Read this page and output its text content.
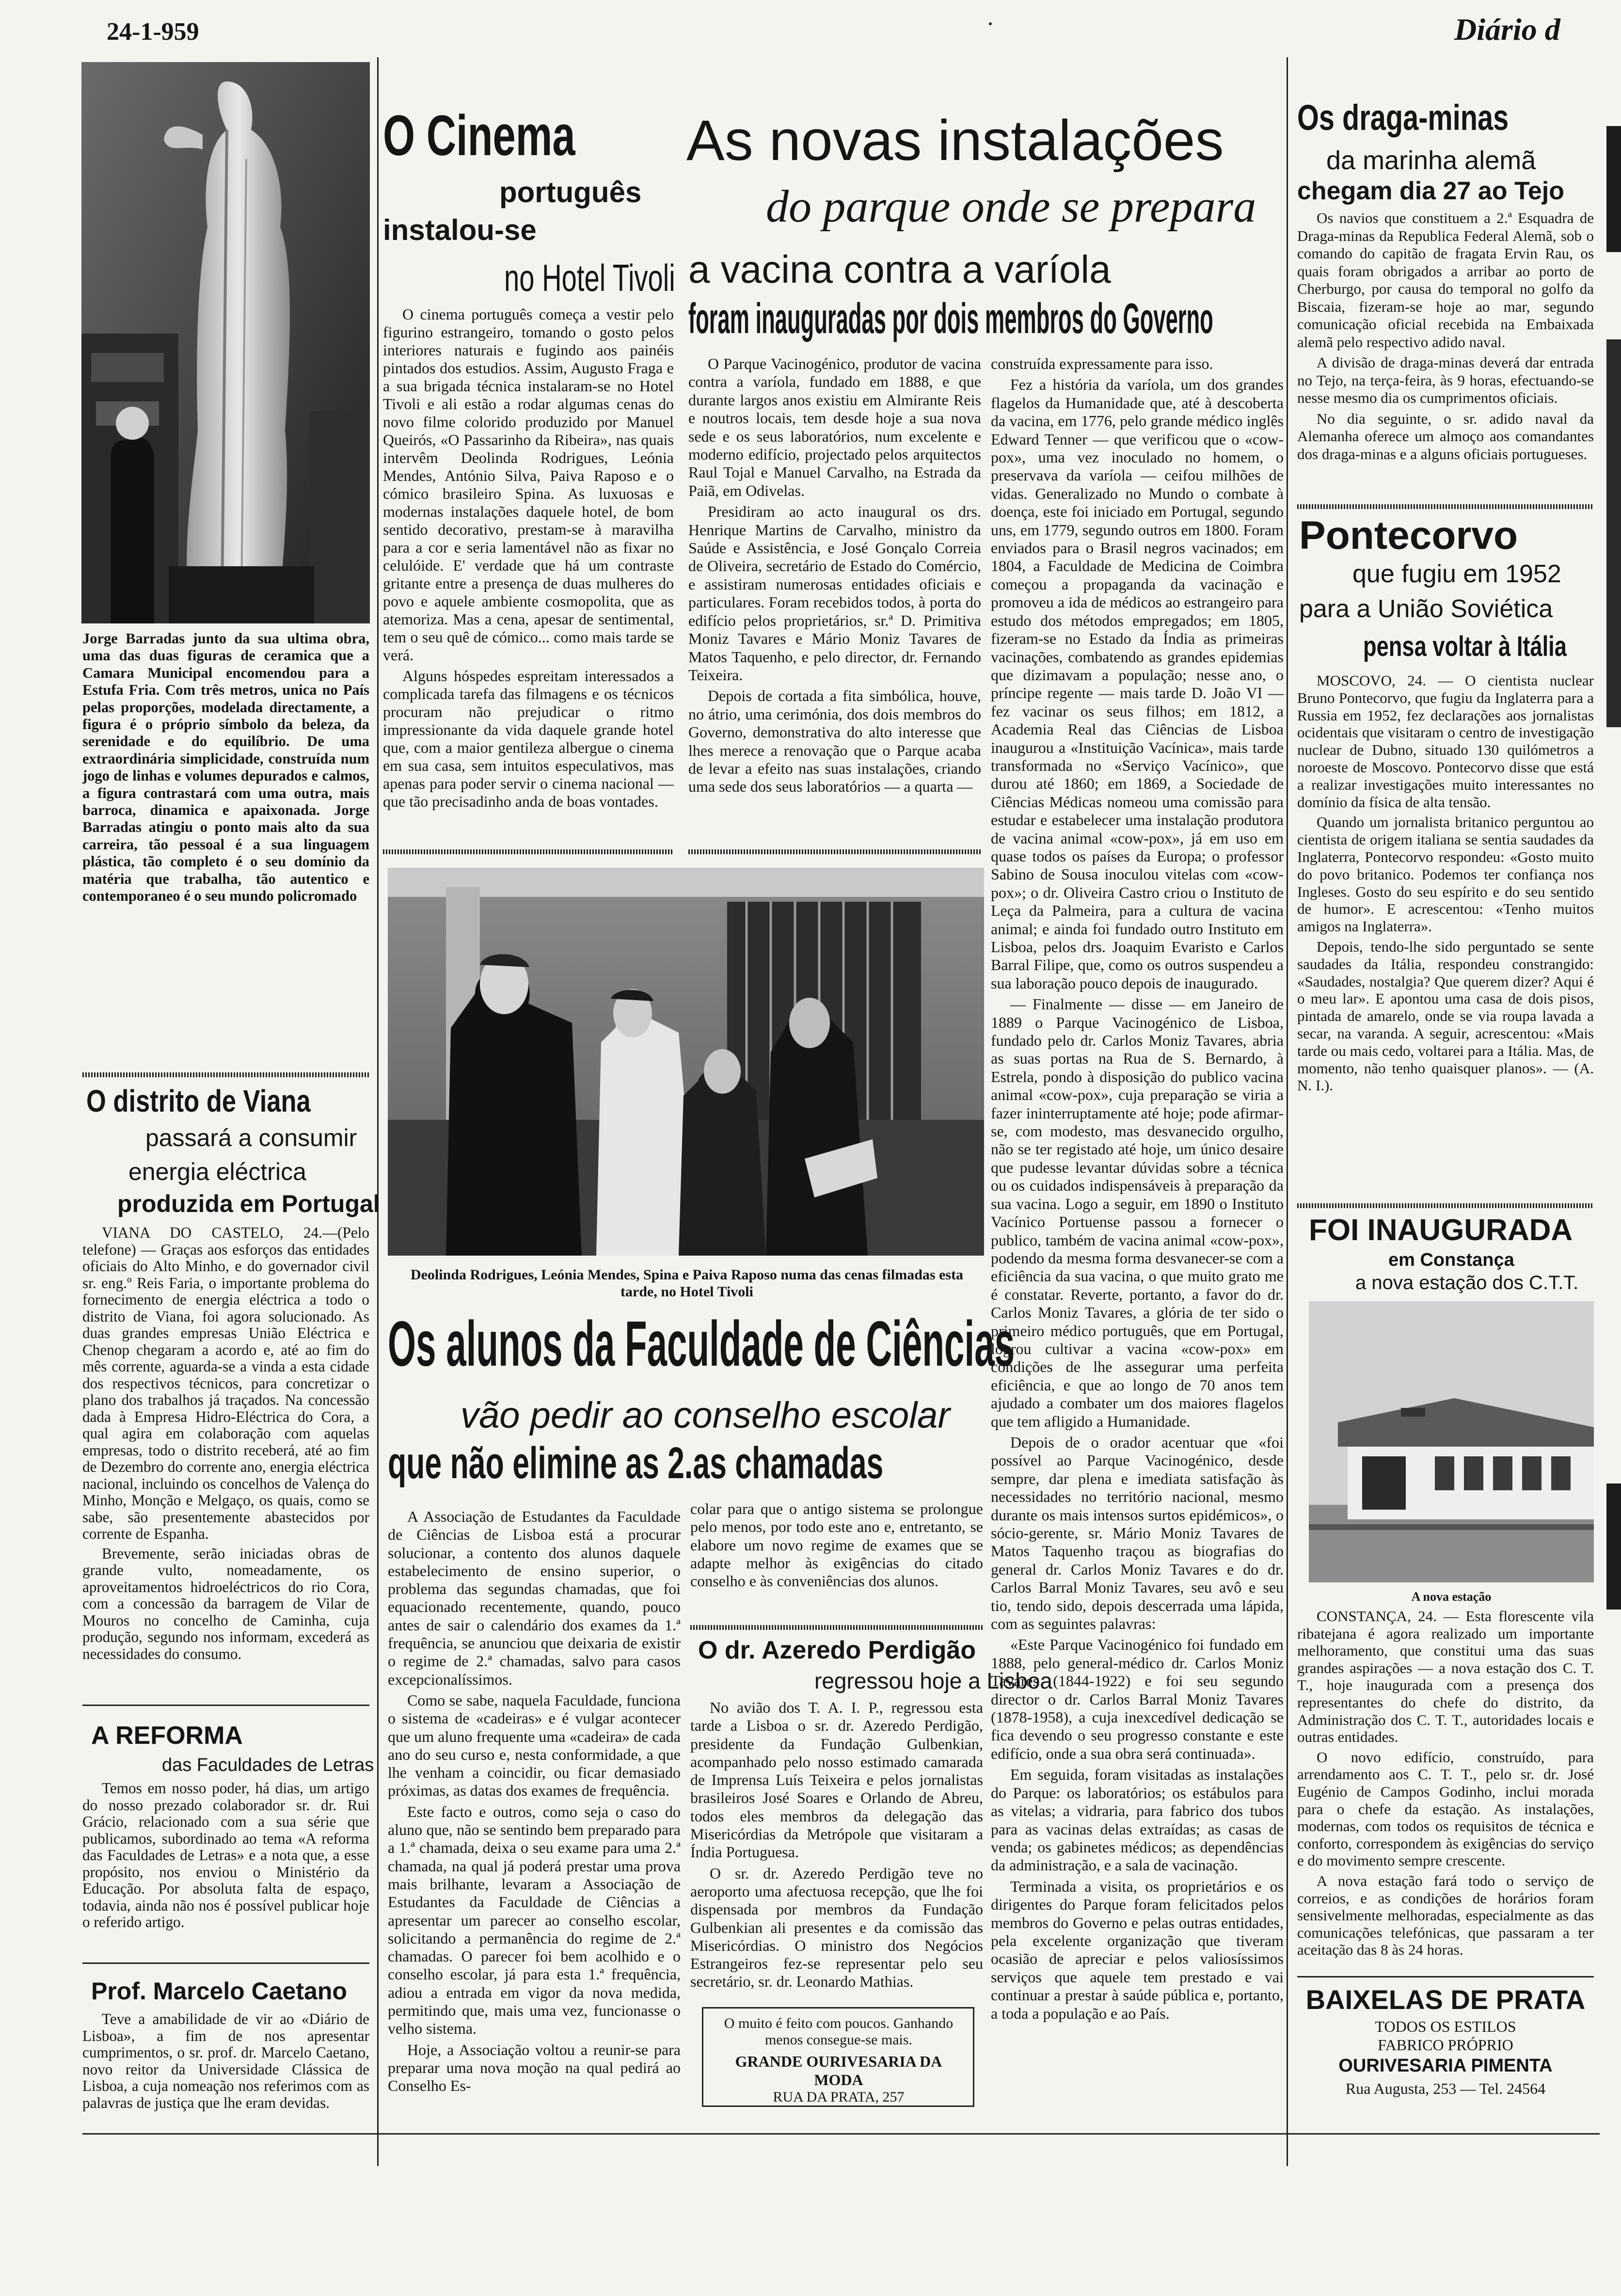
24-1-959	Diário d
Jorge Barradas junto da sua ultima obra, uma das duas figuras de ceramica que a Camara Municipal encomendou para a Estufa Fria. Com três metros, unica no País pelas proporções, modelada directamente, a figura é o próprio símbolo da beleza, da serenidade e do equilíbrio. De uma extraordinária simplicidade, construída num jogo de linhas e volumes depurados e calmos, a figura contrastará com uma outra, mais barroca, dinamica e apaixonada. Jorge Barradas atingiu o ponto mais alto da sua carreira, tão pessoal é a sua linguagem plástica, tão completo é o seu domínio da matéria que trabalha, tão autentico e contemporaneo é o seu mundo policromado
O distrito de Viana
passará a consumir
energia eléctrica
produzida em Portugal

VIANA DO CASTELO, 24.—(Pelo telefone) — Graças aos esforços das entidades oficiais do Alto Minho, e do governador civil sr. eng.º Reis Faria, o importante problema do fornecimento de energia eléctrica a todo o distrito de Viana, foi agora solucionado. As duas grandes empresas União Eléctrica e Chenop chegaram a acordo e, até ao fim do mês corrente, aguarda-se a vinda a esta cidade dos respectivos técnicos, para concretizar o plano dos trabalhos já traçados. Na concessão dada à Empresa Hidro-Eléctrica do Cora, a qual agira em colaboração com aquelas empresas, todo o distrito receberá, até ao fim de Dezembro do corrente ano, energia eléctrica nacional, incluindo os concelhos de Valença do Minho, Monção e Melgaço, os quais, como se sabe, são presentemente abastecidos por corrente de Espanha.

Brevemente, serão iniciadas obras de grande vulto, nomeadamente, os aproveitamentos hidroeléctricos do rio Cora, com a concessão da barragem de Vilar de Mouros no concelho de Caminha, cuja produção, segundo nos informam, excederá as necessidades do consumo.

A REFORMA
das Faculdades de Letras

Temos em nosso poder, há dias, um artigo do nosso prezado colaborador sr. dr. Rui Grácio, relacionado com a sua série que publicamos, subordinado ao tema «A reforma das Faculdades de Letras» e a nota que, a esse propósito, nos enviou o Ministério da Educação. Por absoluta falta de espaço, todavia, ainda não nos é possível publicar hoje o referido artigo.

Prof. Marcelo Caetano

Teve a amabilidade de vir ao «Diário de Lisboa», a fim de nos apresentar cumprimentos, o sr. prof. dr. Marcelo Caetano, novo reitor da Universidade Clássica de Lisboa, a cuja nomeação nos referimos com as palavras de justiça que lhe eram devidas.

O Cinema
português
instalou-se
no Hotel Tivoli

O cinema português começa a vestir pelo figurino estrangeiro, tomando o gosto pelos interiores naturais e fugindo aos painéis pintados dos estudios. Assim, Augusto Fraga e a sua brigada técnica instalaram-se no Hotel Tivoli e ali estão a rodar algumas cenas do novo filme colorido produzido por Manuel Queirós, «O Passarinho da Ribeira», nas quais intervêm Deolinda Rodrigues, Leónia Mendes, António Silva, Paiva Raposo e o cómico brasileiro Spina. As luxuosas e modernas instalações daquele hotel, de bom sentido decorativo, prestam-se à maravilha para a cor e seria lamentável não as fixar no celulóide. E' verdade que há um contraste gritante entre a presença de duas mulheres do povo e aquele ambiente cosmopolita, que as atemoriza. Mas a cena, apesar de sentimental, tem o seu quê de cómico... como mais tarde se verá.

Alguns hóspedes espreitam interessados a complicada tarefa das filmagens e os técnicos procuram não prejudicar o ritmo impressionante da vida daquele grande hotel que, com a maior gentileza albergue o cinema em sua casa, sem intuitos especulativos, mas apenas para poder servir o cinema nacional — que tão precisadinho anda de boas vontades.

As novas instalações
do parque onde se prepara
a vacina contra a varíola
foram inauguradas por dois membros do Governo

O Parque Vacinogénico, produtor de vacina contra a varíola, fundado em 1888, e que durante largos anos existiu em Almirante Reis e noutros locais, tem desde hoje a sua nova sede e os seus laboratórios, num excelente e moderno edifício, projectado pelos arquitectos Raul Tojal e Manuel Carvalho, na Estrada da Paiã, em Odivelas.

Presidiram ao acto inaugural os drs. Henrique Martins de Carvalho, ministro da Saúde e Assistência, e José Gonçalo Correia de Oliveira, secretário de Estado do Comércio, e assistiram numerosas entidades oficiais e particulares. Foram recebidos todos, à porta do edifício pelos proprietários, sr.ª D. Primitiva Moniz Tavares e Mário Moniz Tavares de Matos Taquenho, e pelo director, dr. Fernando Teixeira.

Depois de cortada a fita simbólica, houve, no átrio, uma cerimónia, dos dois membros do Governo, demonstrativa do alto interesse que lhes merece a renovação que o Parque acaba de levar a efeito nas suas instalações, criando uma sede dos seus laboratórios — a quarta —

construída expressamente para isso.

Fez a história da varíola, um dos grandes flagelos da Humanidade que, até à descoberta da vacina, em 1776, pelo grande médico inglês Edward Tenner — que verificou que o «cow-pox», uma vez inoculado no homem, o preservava da varíola — ceifou milhões de vidas. Generalizado no Mundo o combate à doença, este foi iniciado em Portugal, segundo uns, em 1779, segundo outros em 1800. Foram enviados para o Brasil negros vacinados; em 1804, a Faculdade de Medicina de Coimbra começou a propaganda da vacinação e promoveu a ida de médicos ao estrangeiro para estudo dos métodos empregados; em 1805, fizeram-se no Estado da Índia as primeiras vacinações, combatendo as grandes epidemias que dizimavam a população; nesse ano, o príncipe regente — mais tarde D. João VI — fez vacinar os seus filhos; em 1812, a Academia Real das Ciências de Lisboa inaugurou a «Instituição Vacínica», mais tarde transformada no «Serviço Vacínico», que durou até 1860; em 1869, a Sociedade de Ciências Médicas nomeou uma comissão para estudar e estabelecer uma instalação produtora de vacina animal «cow-pox», já em uso em quase todos os países da Europa; o professor Sabino de Sousa inoculou vitelas com «cow-pox»; o dr. Oliveira Castro criou o Instituto de Leça da Palmeira, para a cultura de vacina animal; e ainda foi fundado outro Instituto em Lisboa, pelos drs. Joaquim Evaristo e Carlos Barral Filipe, que, como os outros suspendeu a sua laboração pouco depois de inaugurado.

— Finalmente — disse — em Janeiro de 1889 o Parque Vacinogénico de Lisboa, fundado pelo dr. Carlos Moniz Tavares, abria as suas portas na Rua de S. Bernardo, à Estrela, pondo à disposição do publico vacina animal «cow-pox», cuja preparação se viria a fazer ininterruptamente até hoje; pode afirmar-se, com modesto, mas desvanecido orgulho, não se ter registado até hoje, um único desaire que pudesse levantar dúvidas sobre a técnica ou os cuidados indispensáveis à preparação da sua vacina. Logo a seguir, em 1890 o Instituto Vacínico Portuense passou a fornecer o publico, também de vacina animal «cow-pox», podendo da mesma forma desvanecer-se com a eficiência da sua vacina, o que muito grato me é constatar. Reverte, portanto, a favor do dr. Carlos Moniz Tavares, a glória de ter sido o primeiro médico português, que em Portugal, logrou cultivar a vacina «cow-pox» em condições de lhe assegurar uma perfeita eficiência, e que ao longo de 70 anos tem ajudado a combater um dos maiores flagelos que tem afligido a Humanidade.

Depois de o orador acentuar que «foi possível ao Parque Vacinogénico, desde sempre, dar plena e imediata satisfação às necessidades no território nacional, mesmo durante os mais intensos surtos epidémicos», o sócio-gerente, sr. Mário Moniz Tavares de Matos Taquenho traçou as biografias do general dr. Carlos Moniz Tavares e do dr. Carlos Barral Moniz Tavares, seu avô e seu tio, tendo sido, depois descerrada uma lápida, com as seguintes palavras:

«Este Parque Vacinogénico foi fundado em 1888, pelo general-médico dr. Carlos Moniz Tavares (1844-1922) e foi seu segundo director o dr. Carlos Barral Moniz Tavares (1878-1958), a cuja inexcedível dedicação se fica devendo o seu progresso constante e este edifício, onde a sua obra será continuada».

Em seguida, foram visitadas as instalações do Parque: os laboratórios; os estábulos para as vitelas; a vidraria, para fabrico dos tubos para as vacinas delas extraídas; as casas de venda; os gabinetes médicos; as dependências da administração, e a sala de vacinação.

Terminada a visita, os proprietários e os dirigentes do Parque foram felicitados pelos membros do Governo e pelas outras entidades, pela excelente organização que tiveram ocasião de apreciar e pelos valiosíssimos serviços que aquele tem prestado e vai continuar a prestar à saúde pública e, portanto, a toda a população e ao País.

Deolinda Rodrigues, Leónia Mendes, Spina e Paiva Raposo numa das cenas filmadas esta tarde, no Hotel Tivoli
Os alunos da Faculdade de Ciências
vão pedir ao conselho escolar
que não elimine as 2.as chamadas

A Associação de Estudantes da Faculdade de Ciências de Lisboa está a procurar solucionar, a contento dos alunos daquele estabelecimento de ensino superior, o problema das segundas chamadas, que foi equacionado recentemente, quando, pouco antes de sair o calendário dos exames da 1.ª frequência, se anunciou que deixaria de existir o regime de 2.ª chamadas, salvo para casos excepcionalíssimos.

Como se sabe, naquela Faculdade, funciona o sistema de «cadeiras» e é vulgar acontecer que um aluno frequente uma «cadeira» de cada ano do seu curso e, nesta conformidade, a que lhe venham a coincidir, ou ficar demasiado próximas, as datas dos exames de frequência.

Este facto e outros, como seja o caso do aluno que, não se sentindo bem preparado para a 1.ª chamada, deixa o seu exame para uma 2.ª chamada, na qual já poderá prestar uma prova mais brilhante, levaram a Associação de Estudantes da Faculdade de Ciências a apresentar um parecer ao conselho escolar, solicitando a permanência do regime de 2.ª chamadas. O parecer foi bem acolhido e o conselho escolar, já para esta 1.ª frequência, adiou a entrada em vigor da nova medida, permitindo que, mais uma vez, funcionasse o velho sistema.

Hoje, a Associação voltou a reunir-se para preparar uma nova moção na qual pedirá ao Conselho Es-

colar para que o antigo sistema se prolongue pelo menos, por todo este ano e, entretanto, se elabore um novo regime de exames que se adapte melhor às exigências do citado conselho e às conveniências dos alunos.

O dr. Azeredo Perdigão
regressou hoje a Lisboa

No avião dos T. A. I. P., regressou esta tarde a Lisboa o sr. dr. Azeredo Perdigão, presidente da Fundação Gulbenkian, acompanhado pelo nosso estimado camarada de Imprensa Luís Teixeira e pelos jornalistas brasileiros José Soares e Orlando de Abreu, todos eles membros da delegação das Misericórdias da Metrópole que visitaram a Índia Portuguesa.

O sr. dr. Azeredo Perdigão teve no aeroporto uma afectuosa recepção, que lhe foi dispensada por membros da Fundação Gulbenkian ali presentes e da comissão das Misericórdias. O ministro dos Negócios Estrangeiros fez-se representar pelo seu secretário, sr. dr. Leonardo Mathias.

O muito é feito com poucos. Ganhando menos consegue-se mais.
GRANDE OURIVESARIA DA MODA
RUA DA PRATA, 257
Os draga-minas
da marinha alemã
chegam dia 27 ao Tejo

Os navios que constituem a 2.ª Esquadra de Draga-minas da Republica Federal Alemã, sob o comando do capitão de fragata Ervin Rau, os quais foram obrigados a arribar ao porto de Cherburgo, por causa do temporal no golfo da Biscaia, fizeram-se hoje ao mar, segundo comunicação oficial recebida na Embaixada alemã pelo respectivo adido naval.

A divisão de draga-minas deverá dar entrada no Tejo, na terça-feira, às 9 horas, efectuando-se nesse mesmo dia os cumprimentos oficiais.

No dia seguinte, o sr. adido naval da Alemanha oferece um almoço aos comandantes dos draga-minas e a alguns oficiais portugueses.

Pontecorvo
que fugiu em 1952
para a União Soviética
pensa voltar à Itália

MOSCOVO, 24. — O cientista nuclear Bruno Pontecorvo, que fugiu da Inglaterra para a Russia em 1952, fez declarações aos jornalistas ocidentais que visitaram o centro de investigação nuclear de Dubno, situado 130 quilómetros a noroeste de Moscovo. Pontecorvo disse que está a realizar investigações muito interessantes no domínio da física de alta tensão.

Quando um jornalista britanico perguntou ao cientista de origem italiana se sentia saudades da Inglaterra, Pontecorvo respondeu: «Gosto muito do povo britanico. Podemos ter confiança nos Ingleses. Gosto do seu espírito e do seu sentido de humor». E acrescentou: «Tenho muitos amigos na Inglaterra».

Depois, tendo-lhe sido perguntado se sente saudades da Itália, respondeu constrangido: «Saudades, nostalgia? Que querem dizer? Aqui é o meu lar». E apontou uma casa de dois pisos, pintada de amarelo, onde se via roupa lavada a secar, na varanda. A seguir, acrescentou: «Mais tarde ou mais cedo, voltarei para a Itália. Mas, de momento, não tenho quaisquer planos». — (A. N. I.).

FOI INAUGURADA
em Constança
a nova estação dos C.T.T.
A nova estação

CONSTANÇA, 24. — Esta florescente vila ribatejana é agora realizado um importante melhoramento, que constitui uma das suas grandes aspirações — a nova estação dos C. T. T., hoje inaugurada com a presença dos representantes do chefe do distrito, da Administração dos C. T. T., autoridades locais e outras entidades.

O novo edifício, construído, para arrendamento aos C. T. T., pelo sr. dr. José Eugénio de Campos Godinho, inclui morada para o chefe da estação. As instalações, modernas, com todos os requisitos de técnica e conforto, correspondem às exigências do serviço e do movimento sempre crescente.

A nova estação fará todo o serviço de correios, e as condições de horários foram sensivelmente melhoradas, especialmente as das comunicações telefónicas, que passaram a ter aceitação das 8 às 24 horas.

BAIXELAS DE PRATA
TODOS OS ESTILOS
FABRICO PRÓPRIO
OURIVESARIA PIMENTA
Rua Augusta, 253 — Tel. 24564
